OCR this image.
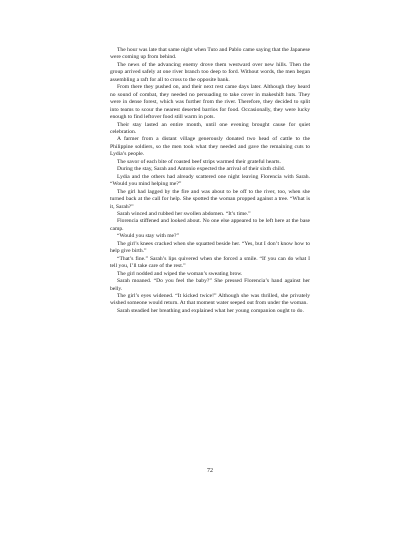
The hour was late that same night when Tuto and Pablo came saying that the Japanese were coming up from behind.

The news of the advancing enemy drove them westward over new hills. Then the group arrived safely at one river branch too deep to ford. Without words, the men began assembling a raft for all to cross to the opposite bank.

From there they pushed on, and their next rest came days later. Although they heard no sound of combat, they needed no persuading to take cover in makeshift huts. They were in dense forest, which was further from the river. Therefore, they decided to split into teams to scour the nearest deserted barrios for food. Occasionally, they were lucky enough to find leftover food still warm in pots.

Their stay lasted an entire month, until one evening brought cause for quiet celebration.

A farmer from a distant village generously donated two head of cattle to the Philippine soldiers, so the men took what they needed and gave the remaining cuts to Lydia’s people.

The savor of each bite of roasted beef strips warmed their grateful hearts.

During the stay, Sarah and Antonio expected the arrival of their sixth child.

Lydia and the others had already scattered one night leaving Florencia with Sarah. “Would you mind helping me?”

The girl had lagged by the fire and was about to be off to the river, too, when she turned back at the call for help. She spotted the woman propped against a tree. “What is it, Sarah?”

Sarah winced and rubbed her swollen abdomen. “It’s time.”

Florencia stiffened and looked about. No one else appeared to be left here at the base camp.

“Would you stay with me?”

The girl’s knees cracked when she squatted beside her. “Yes, but I don’t know how to help give birth.”

“That’s fine.” Sarah’s lips quivered when she forced a smile. “If you can do what I tell you, I’ll take care of the rest.”

The girl nodded and wiped the woman’s sweating brow.

Sarah moaned. “Do you feel the baby?” She pressed Florencia’s hand against her belly.

The girl’s eyes widened. “It kicked twice!” Although she was thrilled, she privately wished someone would return. At that moment water seeped out from under the woman.

Sarah steadied her breathing and explained what her young companion ought to do.

72
